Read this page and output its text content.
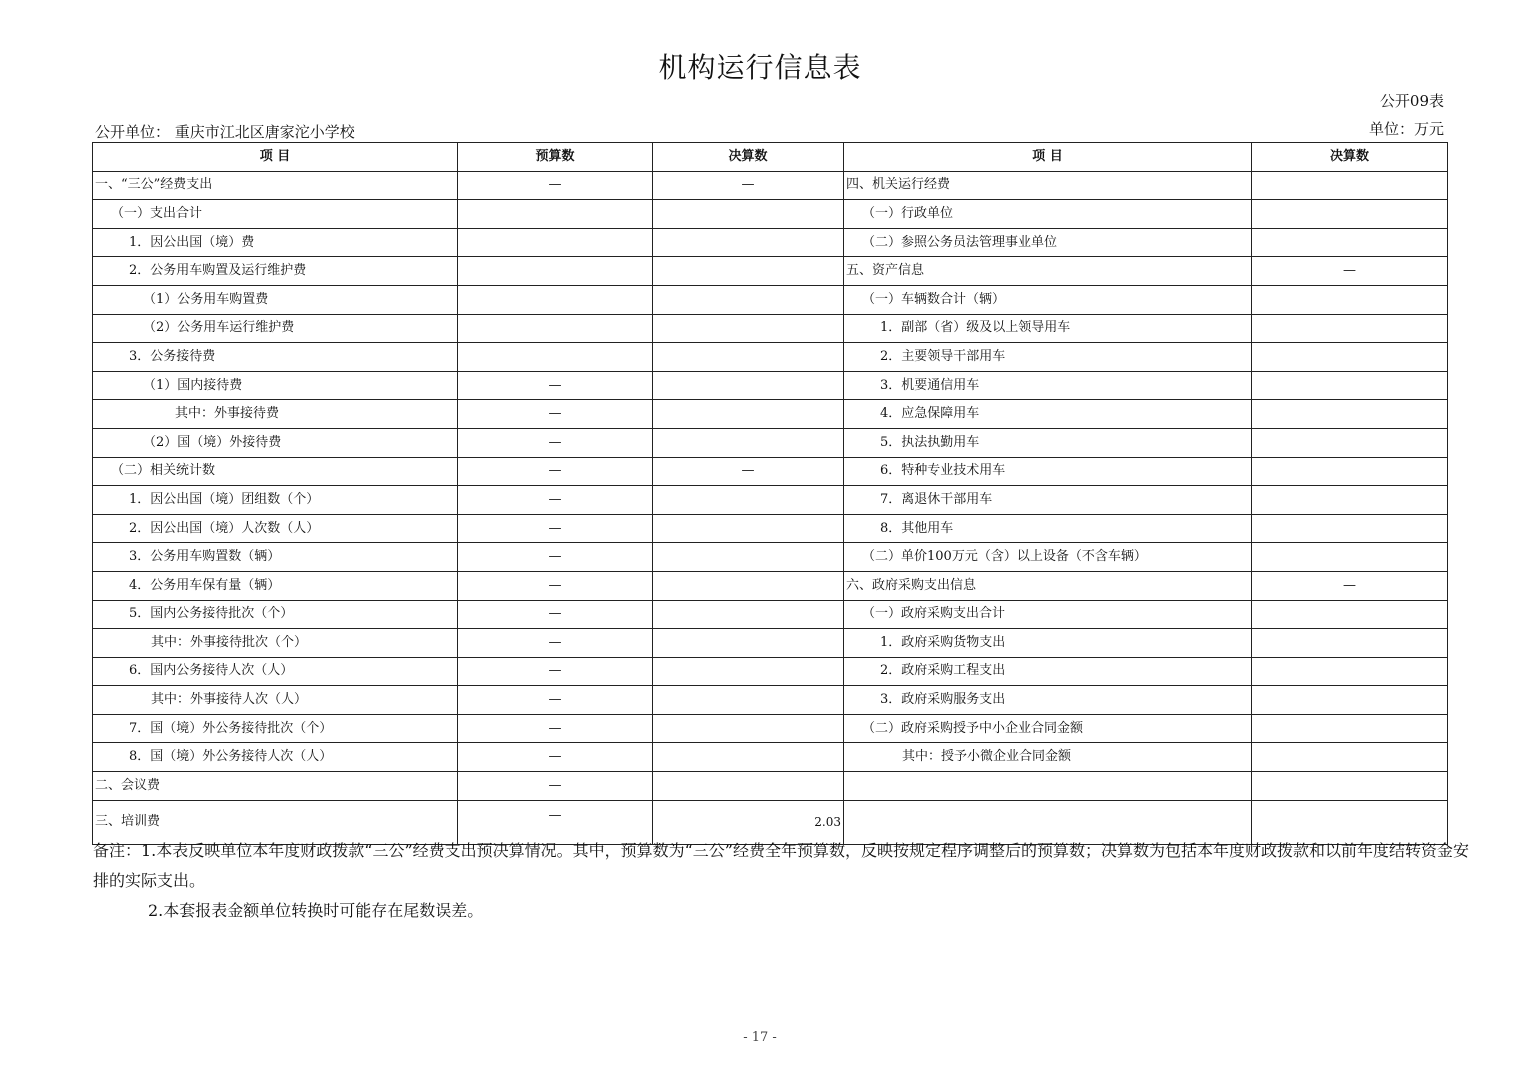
机构运行信息表
公开09表
单位：万元
公开单位： 重庆市江北区唐家沱小学校
项 目	预算数	决算数	项 目	决算数
一、“三公”经费支出	—	—	四、机关运行经费	
（一）支出合计			（一）行政单位	
1．因公出国（境）费			（二）参照公务员法管理事业单位	
2．公务用车购置及运行维护费			五、资产信息	—
（1）公务用车购置费			（一）车辆数合计（辆）	
（2）公务用车运行维护费			1．副部（省）级及以上领导用车	
3．公务接待费			2．主要领导干部用车	
（1）国内接待费	—		3．机要通信用车	
其中：外事接待费	—		4．应急保障用车	
（2）国（境）外接待费	—		5．执法执勤用车	
（二）相关统计数	—	—	6．特种专业技术用车	
1．因公出国（境）团组数（个）	—		7．离退休干部用车	
2．因公出国（境）人次数（人）	—		8．其他用车	
3．公务用车购置数（辆）	—		（二）单价100万元（含）以上设备（不含车辆）	
4．公务用车保有量（辆）	—		六、政府采购支出信息	—
5．国内公务接待批次（个）	—		（一）政府采购支出合计	
其中：外事接待批次（个）	—		1．政府采购货物支出	
6．国内公务接待人次（人）	—		2．政府采购工程支出	
其中：外事接待人次（人）	—		3．政府采购服务支出	
7．国（境）外公务接待批次（个）	—		（二）政府采购授予中小企业合同金额	
8．国（境）外公务接待人次（人）	—		其中：授予小微企业合同金额	
二、会议费	—			
三、培训费	—	2.03		
备注：1.本表反映单位本年度财政拨款“三公”经费支出预决算情况。其中，预算数为“三公”经费全年预算数，反映按规定程序调整后的预算数；决算数为包括本年度财政拨款和以前年度结转资金安排的实际支出。
2.本套报表金额单位转换时可能存在尾数误差。
- 17 -
